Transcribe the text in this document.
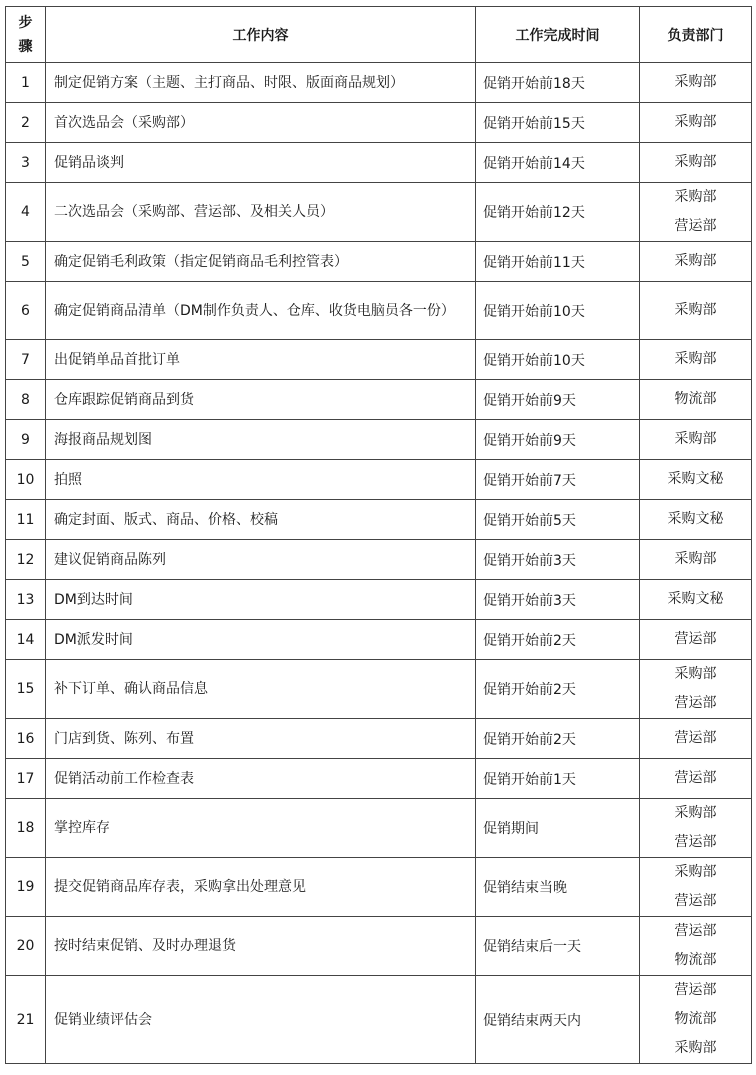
步
骤	工作内容	工作完成时间	负责部门
1	制定促销方案（主题、主打商品、时限、版面商品规划）	促销开始前18天	采购部

2	首次选品会（采购部）	促销开始前15天	采购部

3	促销品谈判	促销开始前14天	采购部

4	二次选品会（采购部、营运部、及相关人员）	促销开始前12天	采购部
营运部

5	确定促销毛利政策（指定促销商品毛利控管表）	促销开始前11天	采购部

6	确定促销商品清单（DM制作负责人、仓库、收货电脑员各一份）	促销开始前10天	采购部

7	出促销单品首批订单	促销开始前10天	采购部

8	仓库跟踪促销商品到货	促销开始前9天	物流部

9	海报商品规划图	促销开始前9天	采购部

10	拍照	促销开始前7天	采购文秘

11	确定封面、版式、商品、价格、校稿	促销开始前5天	采购文秘

12	建议促销商品陈列	促销开始前3天	采购部

13	DM到达时间	促销开始前3天	采购文秘

14	DM派发时间	促销开始前2天	营运部

15	补下订单、确认商品信息	促销开始前2天	采购部
营运部

16	门店到货、陈列、布置	促销开始前2天	营运部

17	促销活动前工作检查表	促销开始前1天	营运部

18	掌控库存	促销期间	采购部
营运部

19	提交促销商品库存表，采购拿出处理意见	促销结束当晚	采购部
营运部

20	按时结束促销、及时办理退货	促销结束后一天	营运部
物流部

21	促销业绩评估会	促销结束两天内	营运部
物流部
采购部
